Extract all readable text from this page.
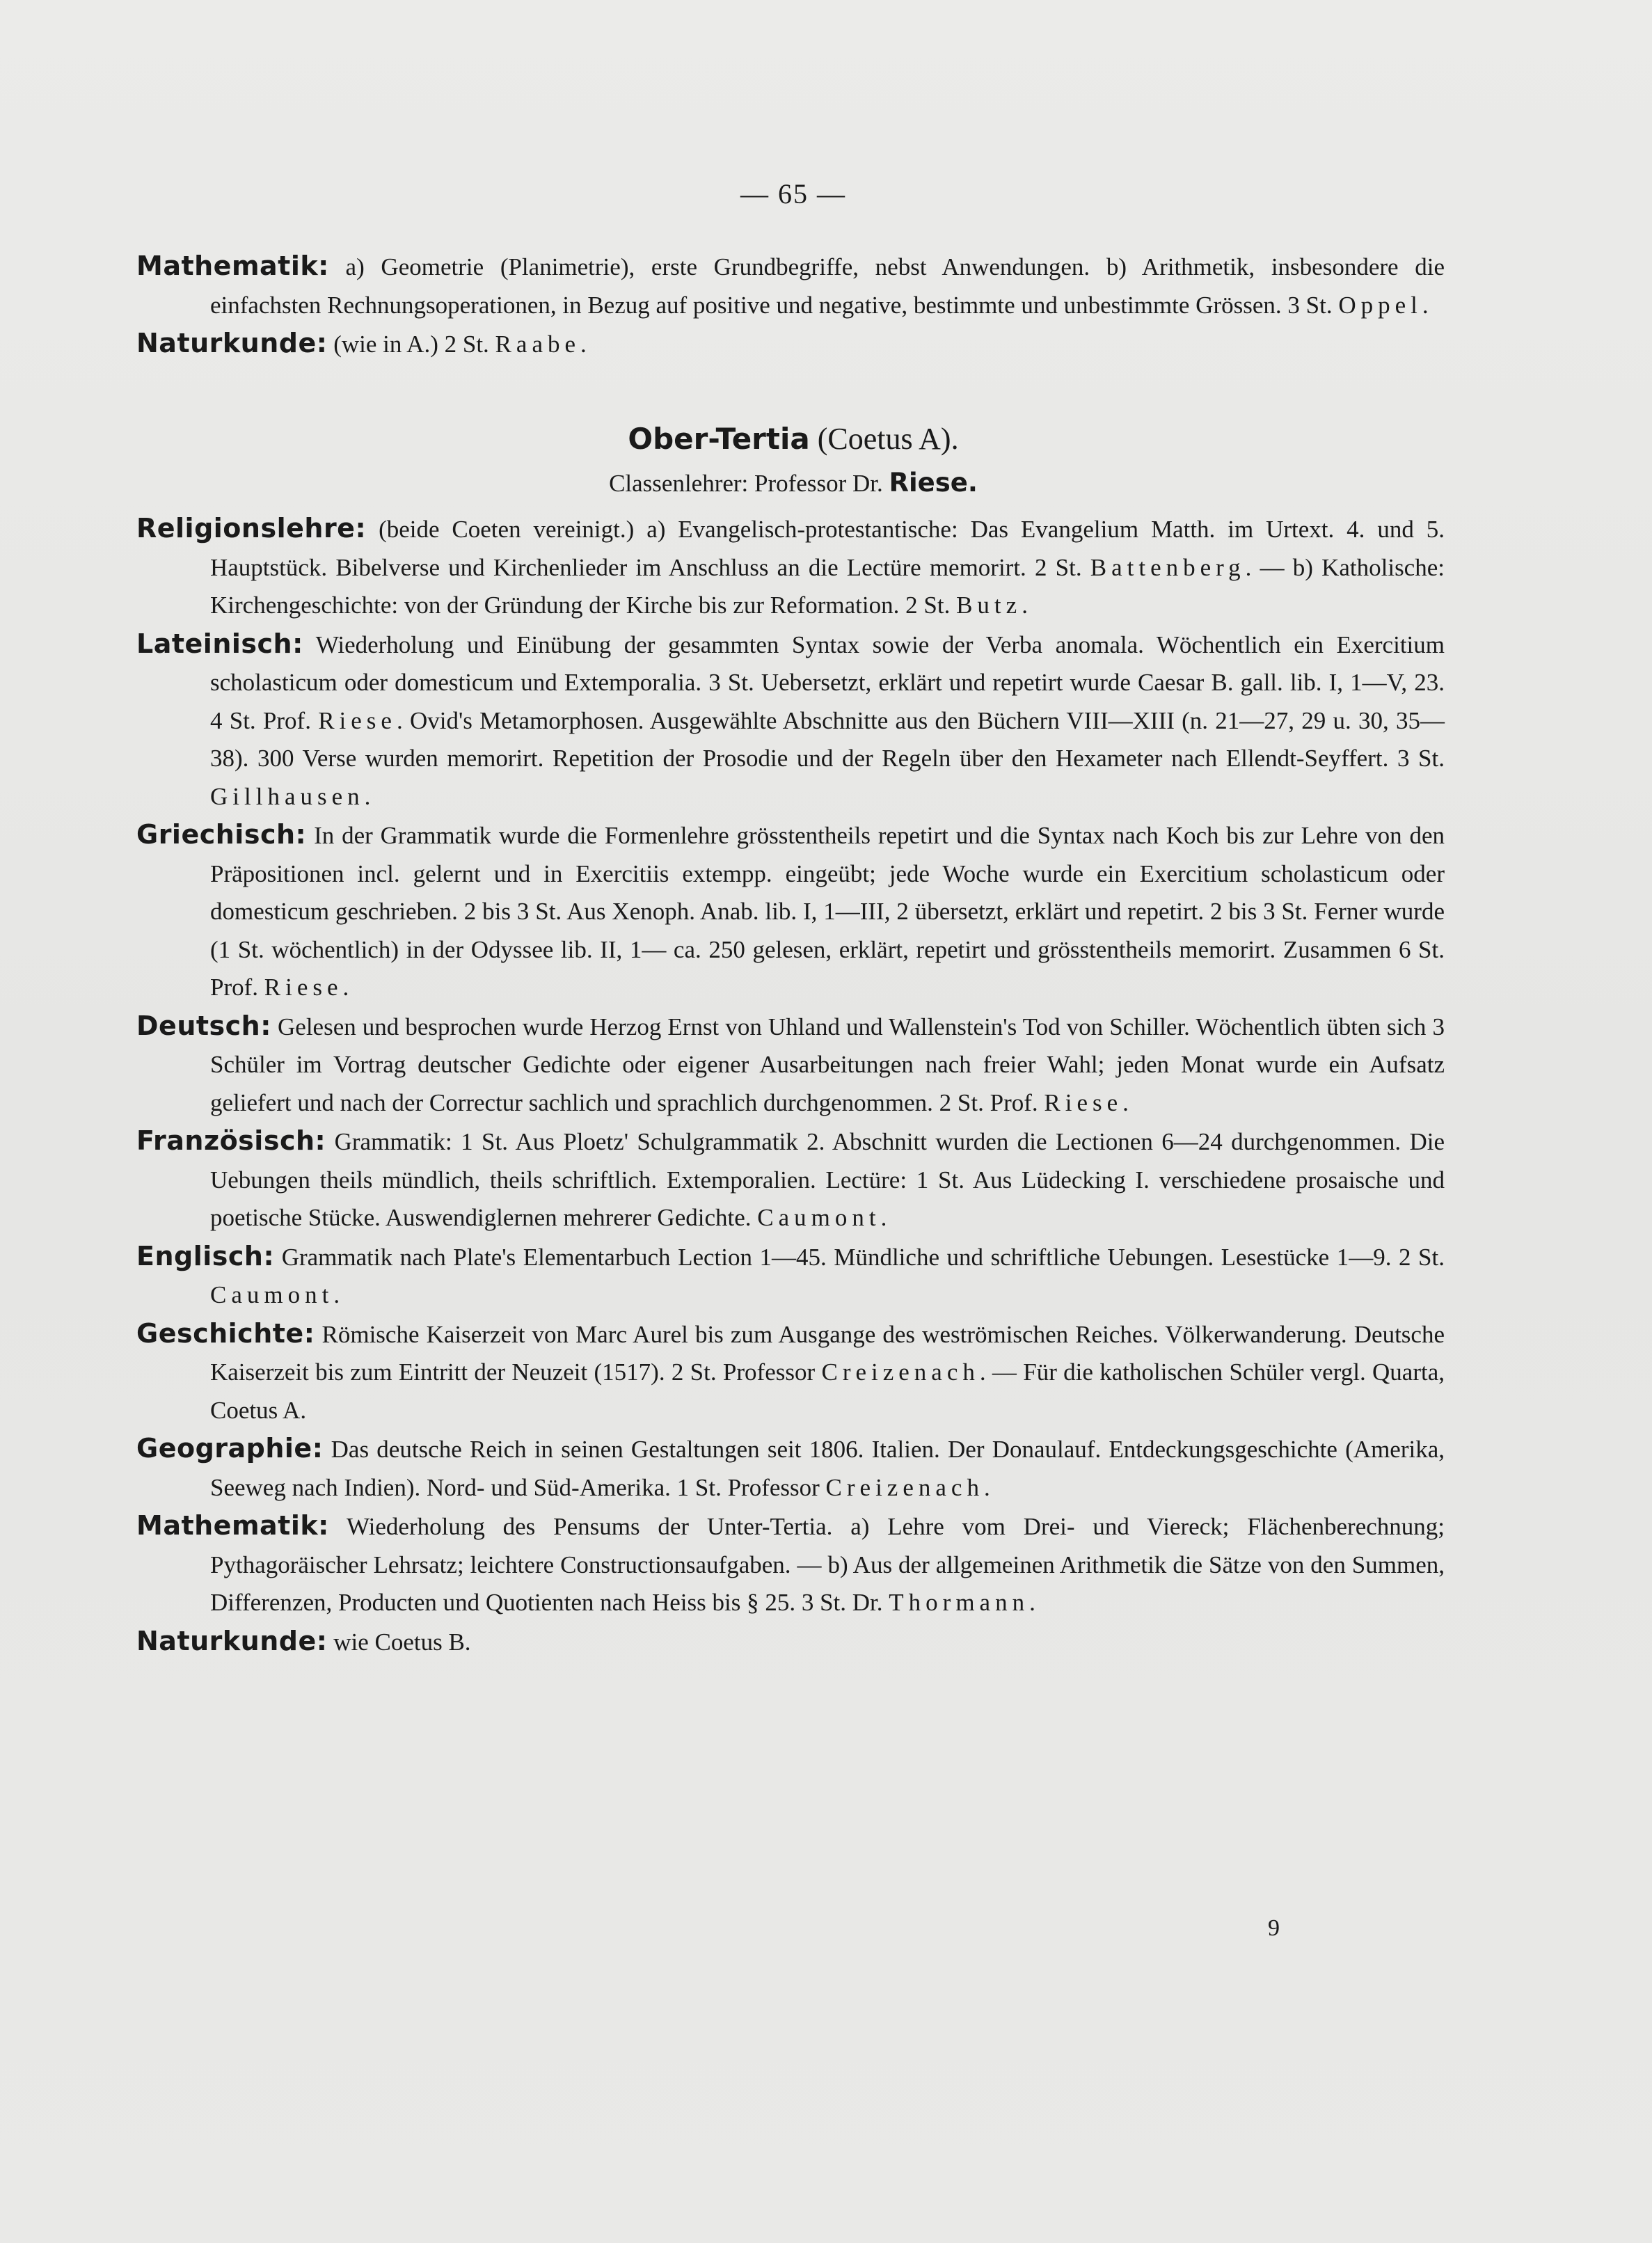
— 65 —

Mathematik: a) Geometrie (Planimetrie), erste Grundbegriffe, nebst Anwendungen. b) Arithmetik, insbesondere die einfachsten Rechnungsoperationen, in Bezug auf positive und negative, bestimmte und unbestimmte Grössen. 3 St. Oppel.

Naturkunde: (wie in A.) 2 St. Raabe.

Ober-Tertia (Coetus A).
Classenlehrer: Professor Dr. Riese.

Religionslehre: (beide Coeten vereinigt.) a) Evangelisch-protestantische: Das Evangelium Matth. im Urtext. 4. und 5. Hauptstück. Bibelverse und Kirchenlieder im Anschluss an die Lectüre memorirt. 2 St. Battenberg. — b) Katholische: Kirchengeschichte: von der Gründung der Kirche bis zur Reformation. 2 St. Butz.

Lateinisch: Wiederholung und Einübung der gesammten Syntax sowie der Verba anomala. Wöchentlich ein Exercitium scholasticum oder domesticum und Extemporalia. 3 St. Uebersetzt, erklärt und repetirt wurde Caesar B. gall. lib. I, 1—V, 23. 4 St. Prof. Riese. Ovid's Metamorphosen. Ausgewählte Abschnitte aus den Büchern VIII—XIII (n. 21—27, 29 u. 30, 35—38). 300 Verse wurden memorirt. Repetition der Prosodie und der Regeln über den Hexameter nach Ellendt-Seyffert. 3 St. Gillhausen.

Griechisch: In der Grammatik wurde die Formenlehre grösstentheils repetirt und die Syntax nach Koch bis zur Lehre von den Präpositionen incl. gelernt und in Exercitiis extempp. eingeübt; jede Woche wurde ein Exercitium scholasticum oder domesticum geschrieben. 2 bis 3 St. Aus Xenoph. Anab. lib. I, 1—III, 2 übersetzt, erklärt und repetirt. 2 bis 3 St. Ferner wurde (1 St. wöchentlich) in der Odyssee lib. II, 1— ca. 250 gelesen, erklärt, repetirt und grösstentheils memorirt. Zusammen 6 St. Prof. Riese.

Deutsch: Gelesen und besprochen wurde Herzog Ernst von Uhland und Wallenstein's Tod von Schiller. Wöchentlich übten sich 3 Schüler im Vortrag deutscher Gedichte oder eigener Ausarbeitungen nach freier Wahl; jeden Monat wurde ein Aufsatz geliefert und nach der Correctur sachlich und sprachlich durchgenommen. 2 St. Prof. Riese.

Französisch: Grammatik: 1 St. Aus Ploetz' Schulgrammatik 2. Abschnitt wurden die Lectionen 6—24 durchgenommen. Die Uebungen theils mündlich, theils schriftlich. Extemporalien. Lectüre: 1 St. Aus Lüdecking I. verschiedene prosaische und poetische Stücke. Auswendiglernen mehrerer Gedichte. Caumont.

Englisch: Grammatik nach Plate's Elementarbuch Lection 1—45. Mündliche und schriftliche Uebungen. Lesestücke 1—9. 2 St. Caumont.

Geschichte: Römische Kaiserzeit von Marc Aurel bis zum Ausgange des weströmischen Reiches. Völkerwanderung. Deutsche Kaiserzeit bis zum Eintritt der Neuzeit (1517). 2 St. Professor Creizenach. — Für die katholischen Schüler vergl. Quarta, Coetus A.

Geographie: Das deutsche Reich in seinen Gestaltungen seit 1806. Italien. Der Donaulauf. Entdeckungsgeschichte (Amerika, Seeweg nach Indien). Nord- und Süd-Amerika. 1 St. Professor Creizenach.

Mathematik: Wiederholung des Pensums der Unter-Tertia. a) Lehre vom Drei- und Viereck; Flächenberechnung; Pythagoräischer Lehrsatz; leichtere Constructionsaufgaben. — b) Aus der allgemeinen Arithmetik die Sätze von den Summen, Differenzen, Producten und Quotienten nach Heiss bis § 25. 3 St. Dr. Thormann.

Naturkunde: wie Coetus B.

9
